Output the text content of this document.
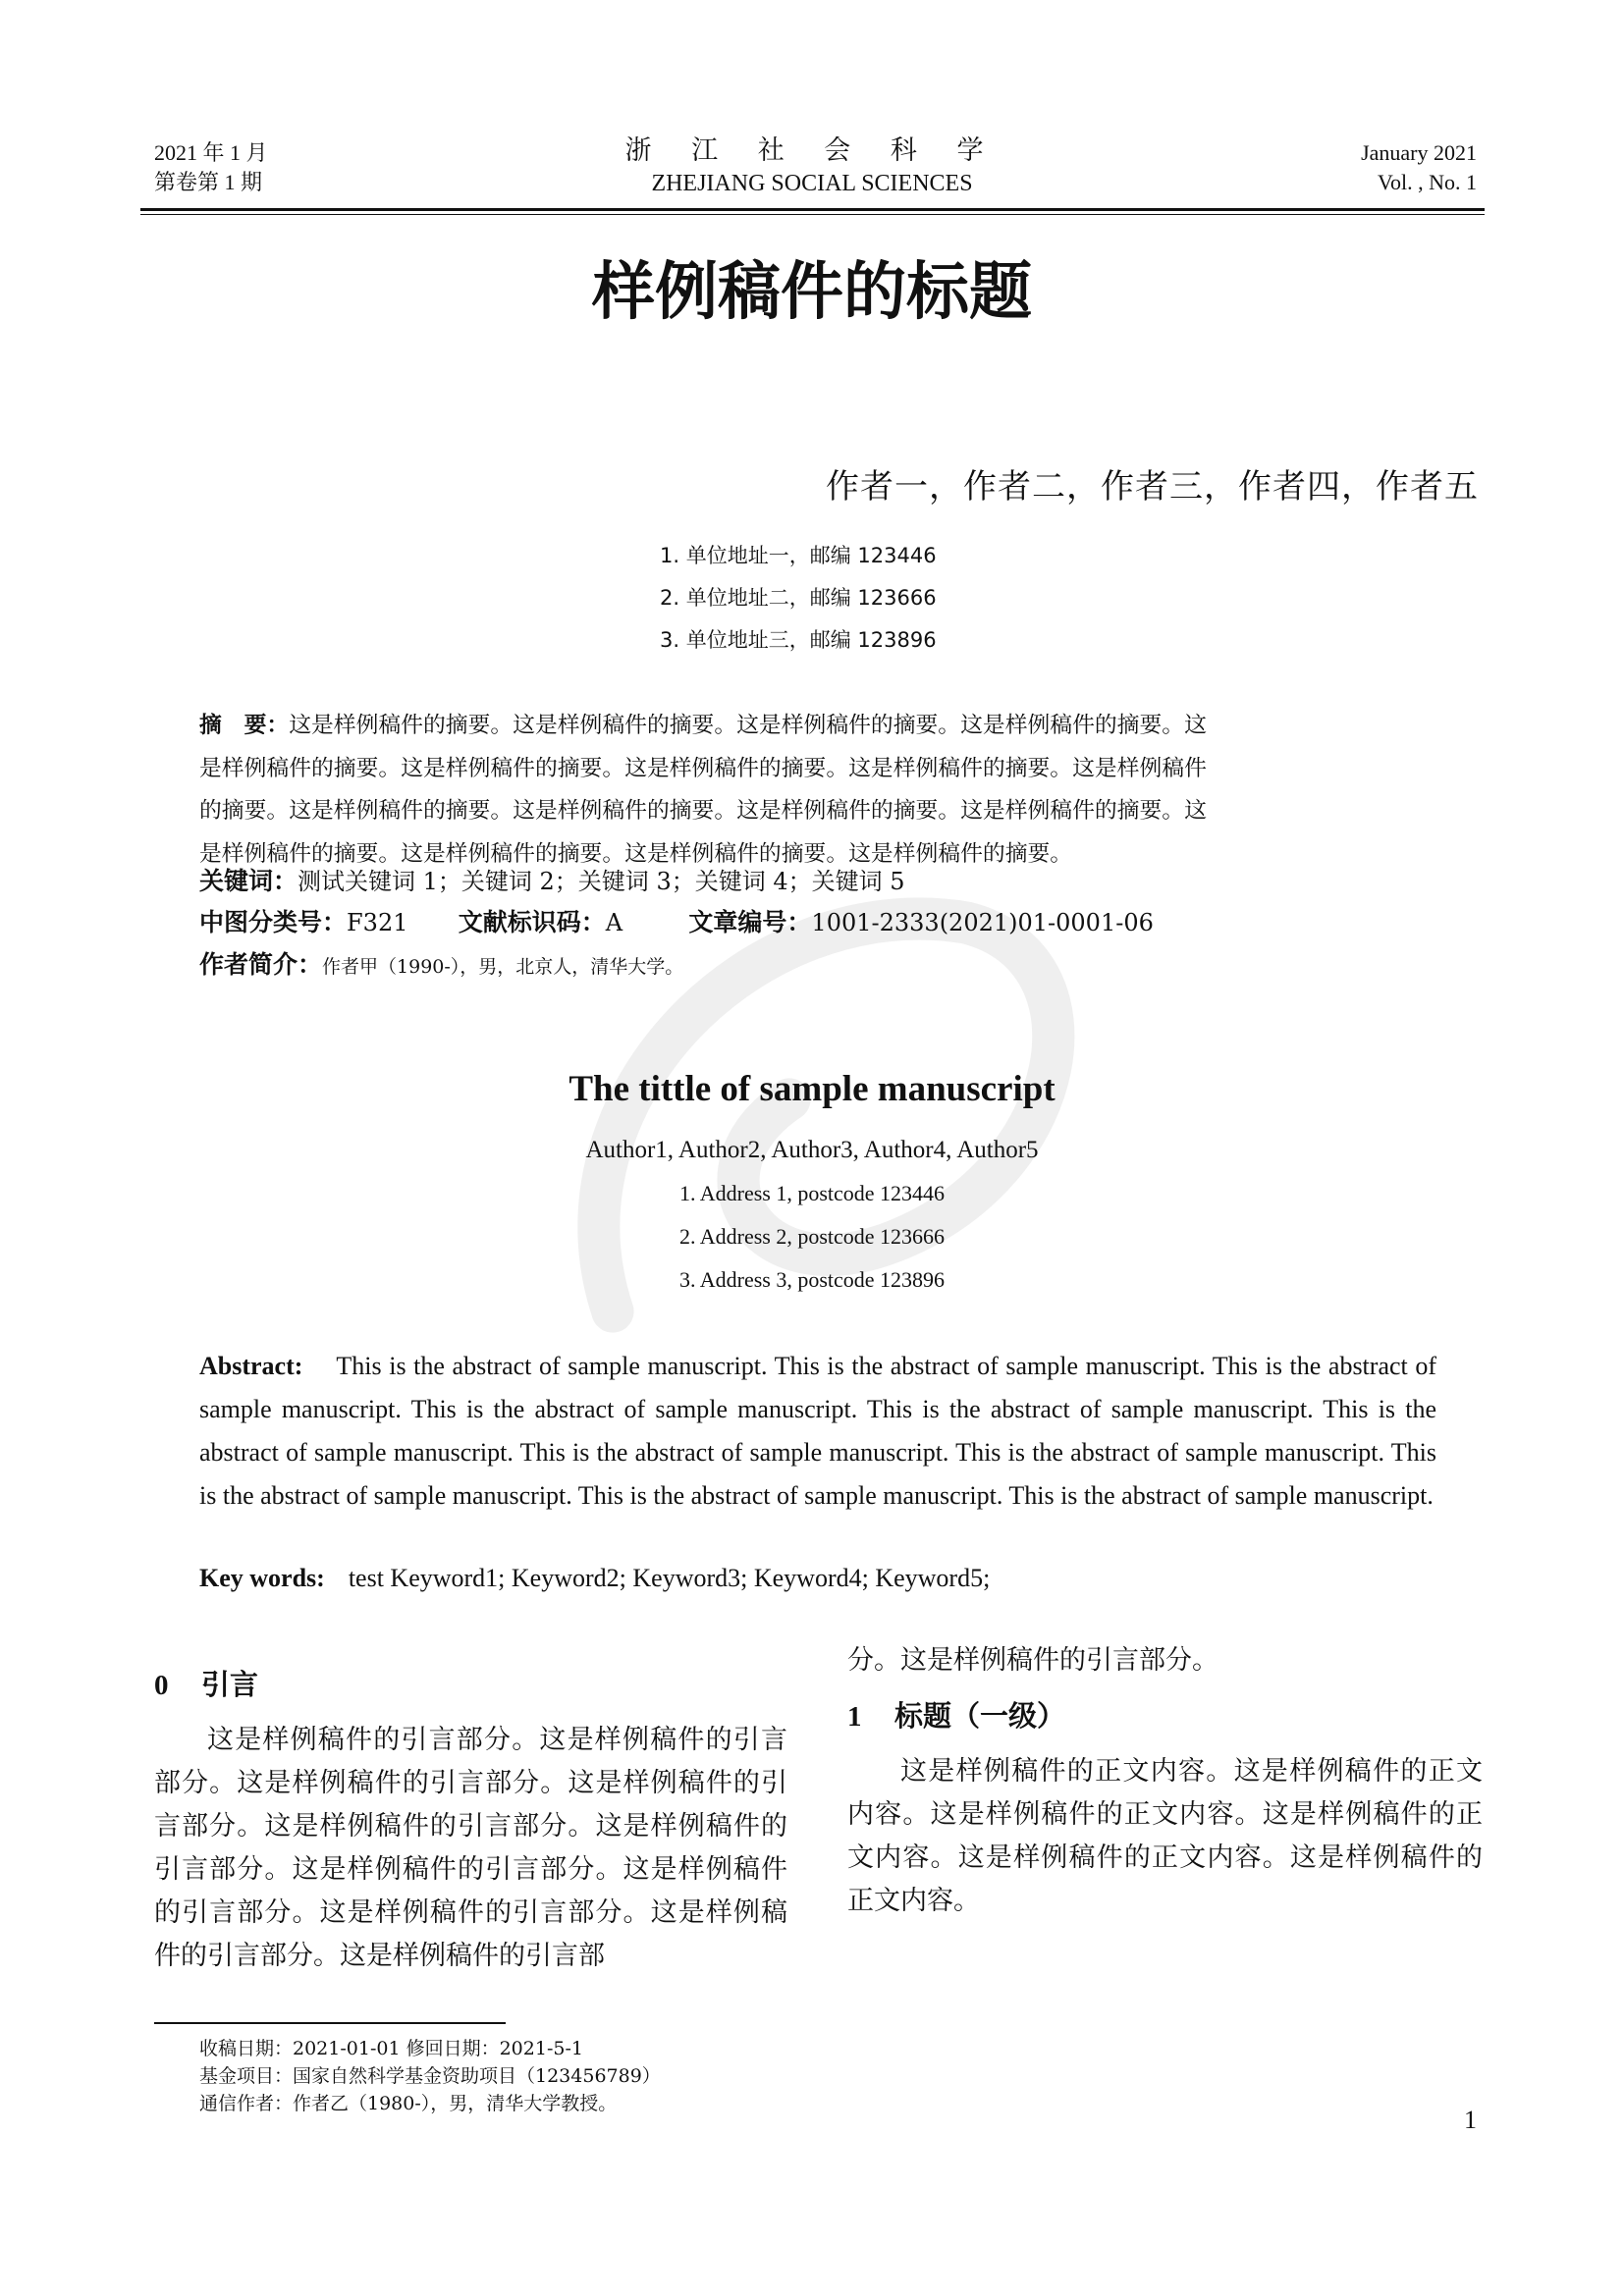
2021 年 1 月
第卷第 1 期
浙 江 社 会 科 学
ZHEJIANG SOCIAL SCIENCES
January 2021
Vol. , No. 1
样例稿件的标题
作者一，作者二，作者三，作者四，作者五
1. 单位地址一，邮编 123446
2. 单位地址二，邮编 123666
3. 单位地址三，邮编 123896
摘　要：这是样例稿件的摘要。这是样例稿件的摘要。这是样例稿件的摘要。这是样例稿件的摘要。这
是样例稿件的摘要。这是样例稿件的摘要。这是样例稿件的摘要。这是样例稿件的摘要。这是样例稿件
的摘要。这是样例稿件的摘要。这是样例稿件的摘要。这是样例稿件的摘要。这是样例稿件的摘要。这
是样例稿件的摘要。这是样例稿件的摘要。这是样例稿件的摘要。这是样例稿件的摘要。
关键词：测试关键词 1；关键词 2；关键词 3；关键词 4；关键词 5
中图分类号：F321 文献标识码：A	文章编号：1001-2333(2021)01-0001-06
作者简介：作者甲（1990-），男，北京人，清华大学。
The tittle of sample manuscript
Author1, Author2, Author3, Author4, Author5
1. Address 1, postcode 123446
2. Address 2, postcode 123666
3. Address 3, postcode 123896
Abstract: This is the abstract of sample manuscript. This is the abstract of sample manuscript. This is the abstract of sample manuscript. This is the abstract of sample manuscript. This is the abstract of sample manuscript. This is the abstract of sample manuscript. This is the abstract of sample manuscript. This is the abstract of sample manuscript. This is the abstract of sample manuscript. This is the abstract of sample manuscript. This is the abstract of sample manuscript.
Key words: test Keyword1; Keyword2; Keyword3; Keyword4; Keyword5;
0 引言
这是样例稿件的引言部分。这是样例稿件的引言部分。这是样例稿件的引言部分。这是样例稿件的引言部分。这是样例稿件的引言部分。这是样例稿件的引言部分。这是样例稿件的引言部分。这是样例稿件的引言部分。这是样例稿件的引言部分。这是样例稿件的引言部分。这是样例稿件的引言部
分。这是样例稿件的引言部分。
1 标题（一级）
这是样例稿件的正文内容。这是样例稿件的正文内容。这是样例稿件的正文内容。这是样例稿件的正文内容。这是样例稿件的正文内容。这是样例稿件的正文内容。
收稿日期：2021-01-01 修回日期：2021-5-1
基金项目：国家自然科学基金资助项目（123456789）
通信作者：作者乙（1980-），男，清华大学教授。
1
